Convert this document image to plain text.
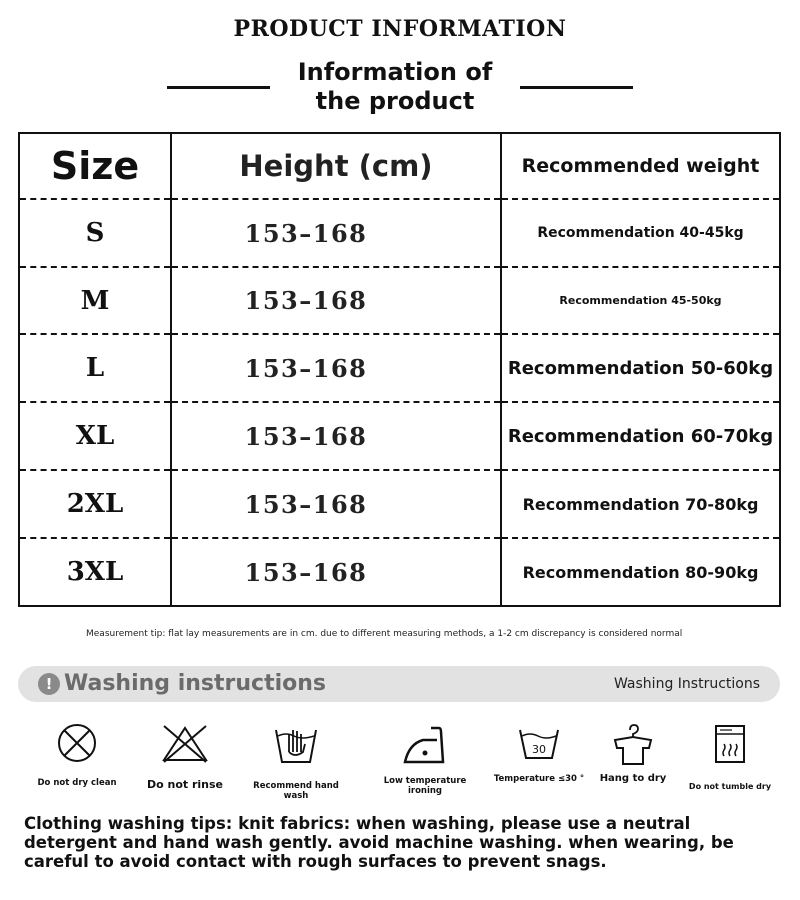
PRODUCT INFORMATION
Information of
the product
Size	Height (cm)	Recommended weight
S	153–168	Recommendation 40-45kg
M	153–168	Recommendation 45-50kg
L	153–168	Recommendation 50-60kg
XL	153–168	Recommendation 60-70kg
2XL	153–168	Recommendation 70-80kg
3XL	153–168	Recommendation 80-90kg
Measurement tip: flat lay measurements are in cm. due to different measuring methods, a 1-2 cm discrepancy is considered normal
! Washing instructions	Washing Instructions
Do not dry clean	Do not rinse	Recommend hand wash
Low temperature ironing
30
Temperature ≤30 °	Hang to dry
Do not tumble dry
Clothing washing tips: knit fabrics: when washing, please use a neutral detergent and hand wash gently. avoid machine washing. when wearing, be careful to avoid contact with rough surfaces to prevent snags.
